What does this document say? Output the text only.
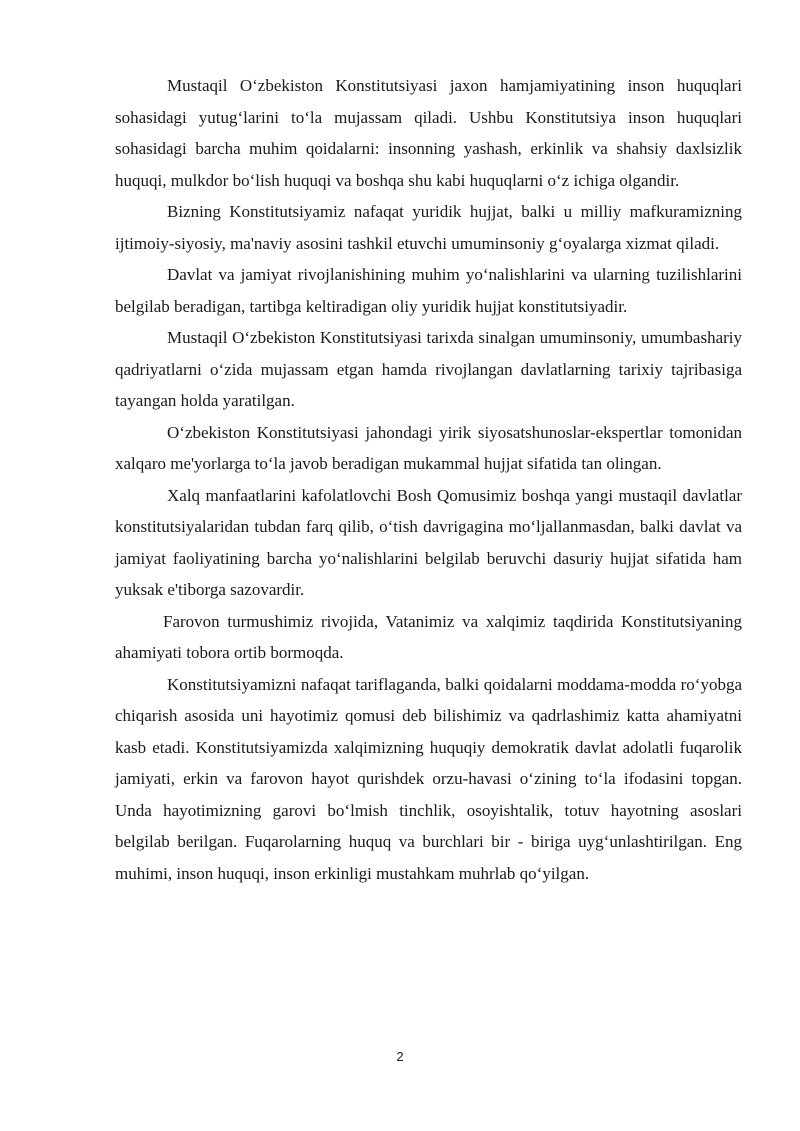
Mustaqil O‘zbekiston Konstitutsiyasi jaxon hamjamiyatining inson huquqlari sohasidagi yutug‘larini to‘la mujassam qiladi. Ushbu Konstitutsiya inson huquqlari sohasidagi barcha muhim qoidalarni: insonning yashash, erkinlik va shahsiy daxlsizlik huquqi, mulkdor bo‘lish huquqi va boshqa shu kabi huquqlarni o‘z ichiga olgandir.

Bizning Konstitutsiyamiz nafaqat yuridik hujjat, balki u milliy mafkuramizning ijtimoiy-siyosiy, ma'naviy asosini tashkil etuvchi umuminsoniy g‘oyalarga xizmat qiladi.

Davlat va jamiyat rivojlanishining muhim yo‘nalishlarini va ularning tuzilishlarini belgilab beradigan, tartibga keltiradigan oliy yuridik hujjat konstitutsiyadir.

Mustaqil O‘zbekiston Konstitutsiyasi tarixda sinalgan umuminsoniy, umumbashariy qadriyatlarni o‘zida mujassam etgan hamda rivojlangan davlatlarning tarixiy tajribasiga tayangan holda yaratilgan.

O‘zbekiston Konstitutsiyasi jahondagi yirik siyosatshunoslar-ekspertlar tomonidan xalqaro me'yorlarga to‘la javob beradigan mukammal hujjat sifatida tan olingan.

Xalq manfaatlarini kafolatlovchi Bosh Qomusimiz boshqa yangi mustaqil davlatlar konstitutsiyalaridan tubdan farq qilib, o‘tish davrigagina mo‘ljallanmasdan, balki davlat va jamiyat faoliyatining barcha yo‘nalishlarini belgilab beruvchi dasuriy hujjat sifatida ham yuksak e'tiborga sazovardir.

Farovon turmushimiz rivojida, Vatanimiz va xalqimiz taqdirida Konstitutsiyaning ahamiyati tobora ortib bormoqda.

Konstitutsiyamizni nafaqat tariflaganda, balki qoidalarni moddama-modda ro‘yobga chiqarish asosida uni hayotimiz qomusi deb bilishimiz va qadrlashimiz katta ahamiyatni kasb etadi. Konstitutsiyamizda xalqimizning huquqiy demokratik davlat adolatli fuqarolik jamiyati, erkin va farovon hayot qurishdek orzu-havasi o‘zining to‘la ifodasini topgan. Unda hayotimizning garovi bo‘lmish tinchlik, osoyishtalik, totuv hayotning asoslari belgilab berilgan. Fuqarolarning huquq va burchlari bir - biriga uyg‘unlashtirilgan. Eng muhimi, inson huquqi, inson erkinligi mustahkam muhrlab qo‘yilgan.

2
